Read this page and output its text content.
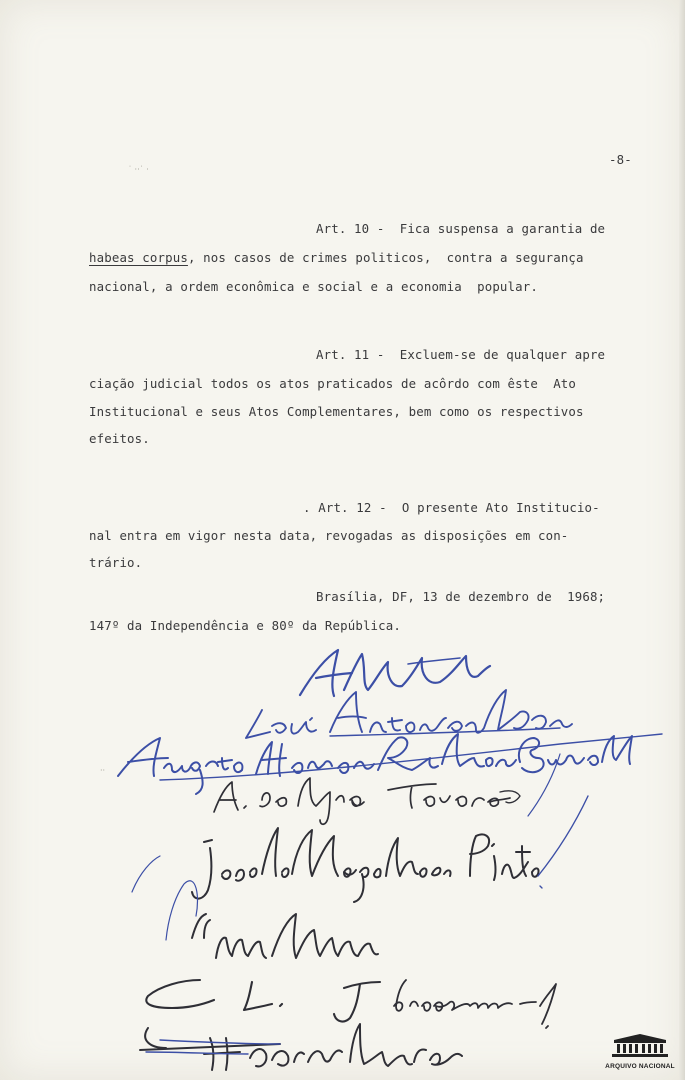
˙ ·‧˙ ·
‧‧
-8-
Art. 10 -  Fica suspensa a garantia de
habeas corpus, nos casos de crimes politicos,  contra a segurança
nacional, a ordem econômica e social e a economia  popular.
Art. 11 -  Excluem-se de qualquer apre
ciação judicial todos os atos praticados de acôrdo com êste  Ato
Institucional e seus Atos Complementares, bem como os respectivos
efeitos.
. Art. 12 -  O presente Ato Institucio-
nal entra em vigor nesta data, revogadas as disposições em con-
trário.
Brasília, DF, 13 de dezembro de  1968;
147º da Independência e 80º da República.
ARQUIVO NACIONAL
